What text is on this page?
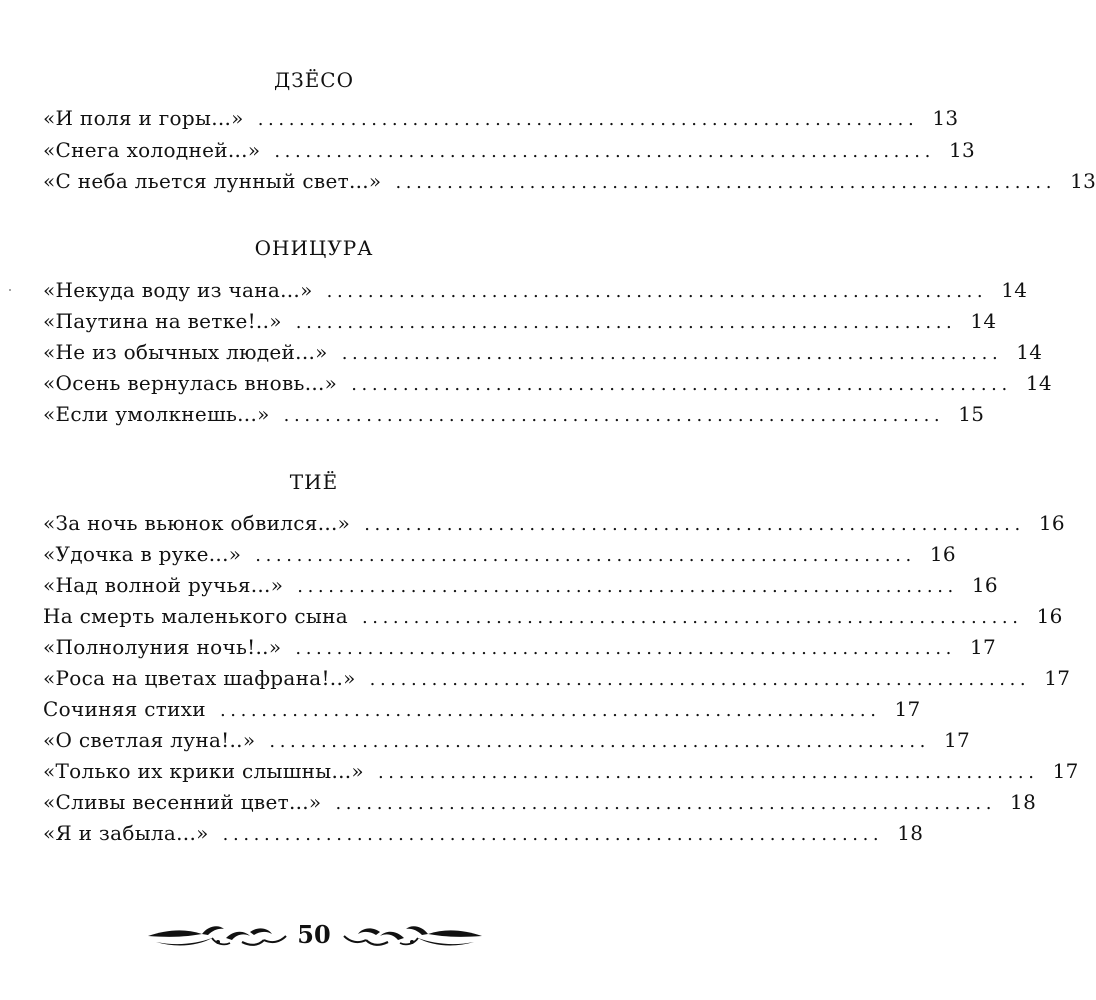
ДЗЁСО
«И поля и горы...» ................................................................ 13
«Снега холодней...» ................................................................ 13
«С неба льется лунный свет...» ................................................................ 13
ОНИЦУРА
«Некуда воду из чана...» ................................................................ 14
«Паутина на ветке!..» ................................................................ 14
«Не из обычных людей...» ................................................................ 14
«Осень вернулась вновь...» ................................................................ 14
«Если умолкнешь...» ................................................................ 15
ТИЁ
«За ночь вьюнок обвился...» ................................................................ 16
«Удочка в руке...» ................................................................ 16
«Над волной ручья...» ................................................................ 16
На смерть маленького сына ................................................................ 16
«Полнолуния ночь!..» ................................................................ 17
«Роса на цветах шафрана!..» ................................................................ 17
Сочиняя стихи ................................................................ 17
«О светлая луна!..» ................................................................ 17
«Только их крики слышны...» ................................................................ 17
«Сливы весенний цвет...» ................................................................ 18
«Я и забыла...» ................................................................ 18
50
